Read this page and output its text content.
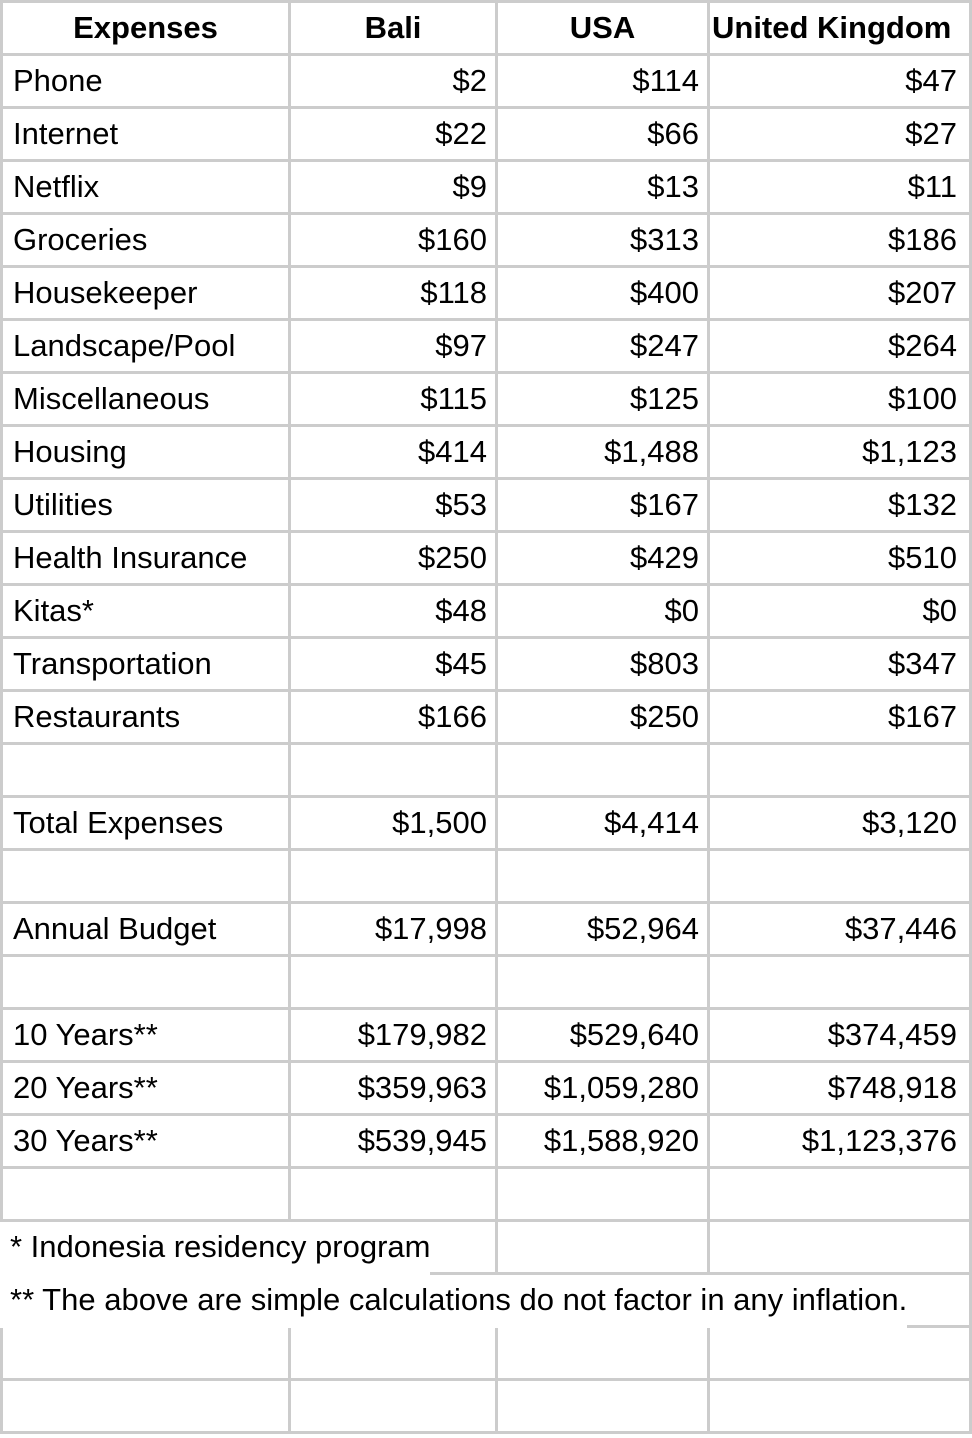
Expenses	Bali	USA	United Kingdom
Phone	$2	$114	$47
Internet	$22	$66	$27
Netflix	$9	$13	$11
Groceries	$160	$313	$186
Housekeeper	$118	$400	$207
Landscape/Pool	$97	$247	$264
Miscellaneous	$115	$125	$100
Housing	$414	$1,488	$1,123
Utilities	$53	$167	$132
Health Insurance	$250	$429	$510
Kitas*	$48	$0	$0
Transportation	$45	$803	$347
Restaurants	$166	$250	$167
Total Expenses	$1,500	$4,414	$3,120
Annual Budget	$17,998	$52,964	$37,446
10 Years**	$179,982	$529,640	$374,459
20 Years**	$359,963	$1,059,280	$748,918
30 Years**	$539,945	$1,588,920	$1,123,376
* Indonesia residency program
** The above are simple calculations do not factor in any inflation.
